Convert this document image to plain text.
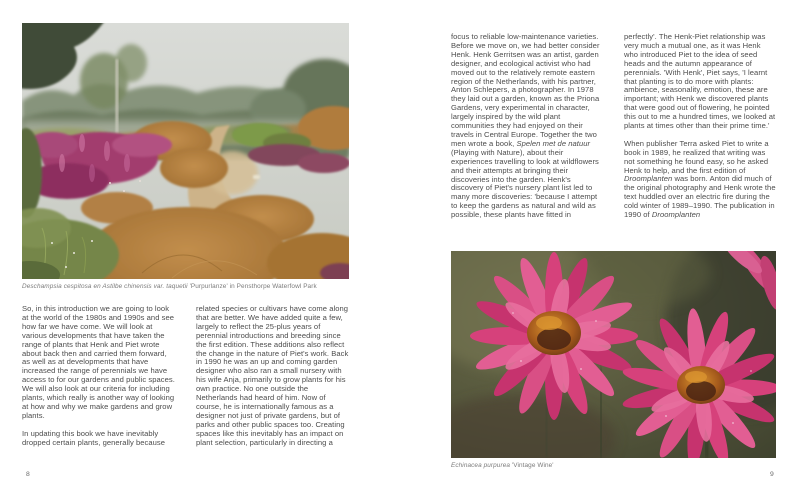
Deschampsia cespitosa en Astilbe chinensis var. taquetii 'Purpurlanze' in Pensthorpe Waterfowl Park

So, in this introduction we are going to look at the world of the 1980s and 1990s and see how far we have come. We will look at various developments that have taken the range of plants that Henk and Piet wrote about back then and carried them forward, as well as at developments that have increased the range of perennials we have access to for our gardens and public spaces. We will also look at our criteria for including plants, which really is another way of looking at how and why we make gardens and grow plants.

In updating this book we have inevitably dropped certain plants, generally because

related species or cultivars have come along that are better. We have added quite a few, largely to reflect the 25-plus years of perennial introductions and breeding since the first edition. These additions also reflect the change in the nature of Piet's work. Back in 1990 he was an up and coming garden designer who also ran a small nursery with his wife Anja, primarily to grow plants for his own practice. No one outside the Netherlands had heard of him. Now of course, he is internationally famous as a designer not just of private gardens, but of parks and other public spaces too. Creating spaces like this inevitably has an impact on plant selection, particularly in directing a

8

focus to reliable low-maintenance varieties. Before we move on, we had better consider Henk. Henk Gerritsen was an artist, garden designer, and ecological activist who had moved out to the relatively remote eastern region of the Netherlands, with his partner, Anton Schlepers, a photographer. In 1978 they laid out a garden, known as the Priona Gardens, very experimental in character, largely inspired by the wild plant communities they had enjoyed on their travels in Central Europe. Together the two men wrote a book, Spelen met de natuur (Playing with Nature), about their experiences travelling to look at wildflowers and their attempts at bringing their discoveries into the garden. Henk's discovery of Piet's nursery plant list led to many more discoveries: 'because I attempt to keep the gardens as natural and wild as possible, these plants have fitted in

perfectly'. The Henk-Piet relationship was very much a mutual one, as it was Henk who introduced Piet to the idea of seed heads and the autumn appearance of perennials. 'With Henk', Piet says, 'I learnt that planting is to do more with plants: ambience, seasonality, emotion, these are important; with Henk we discovered plants that were good out of flowering, he pointed this out to me a hundred times, we looked at plants at times other than their prime time.'

When publisher Terra asked Piet to write a book in 1989, he realized that writing was not something he found easy, so he asked Henk to help, and the first edition of Droomplanten was born. Anton did much of the original photography and Henk wrote the text huddled over an electric fire during the cold winter of 1989–1990. The publication in 1990 of Droomplanten

Echinacea purpurea 'Vintage Wine'
9
